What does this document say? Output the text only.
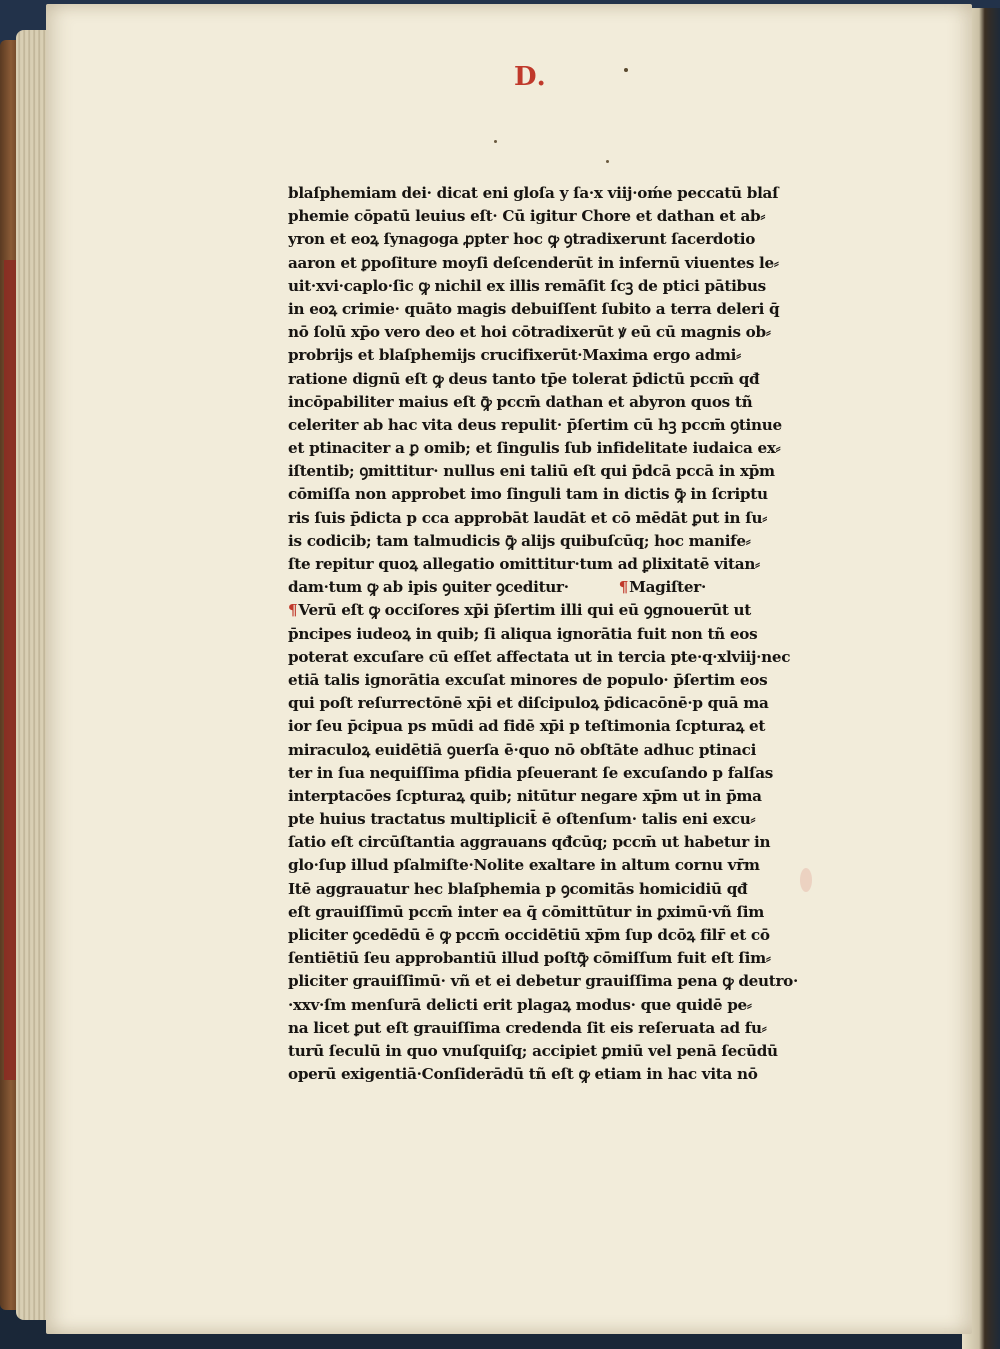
D.
blaſphemiam dei· dicat eni gloſa y ſa·x viij·oḿe peccatū blaſ
phemie cōpatū leuius eſt· Cū igitur Chore et dathan et ab⸗
yron et eoꝝ ſynagoga ꝓpter hoc ꝙ ꝯtradixerunt ſacerdotio
aaron et ꝑpoſiture moyſi deſcenderūt in infernū viuentes le⸗
uit·xvi·caplo·ſic ꝙ nichil ex illis remāſit ſcꝫ de ptici pātibus
in eoꝝ crimie· quāto magis debuiſſent ſubito a terra deleri q̄
nō ſolū xp̄o vero deo et hoi cōtradixerūt ꝟ eū cū magnis ob⸗
probrijs et blaſphemijs crucifixerūt·Maxima ergo admi⸗
ratione dignū eſt ꝙ deus tanto tp̄e tolerat p̄dictū pccm̄ qđ
incōpabiliter maius eſt ꝙ̄ pccm̄ dathan et abyron quos tñ
celeriter ab hac vita deus repulit· p̄ſertim cū hꝫ pccm̄ ꝯtinue
et ptinaciter a ꝑ omib; et ſingulis ſub infidelitate iudaica ex⸗
iſtentib; ꝯmittitur· nullus eni taliū eſt qui p̄dcā pccā in xp̄m
cōmiſſa non approbet imo ſinguli tam in dictis ꝙ̄ in ſcriptu
ris ſuis p̄dicta p cca approbāt laudāt et cō mēdāt ꝑut in ſu⸗
is codicib; tam talmudicis ꝙ̄ alijs quibuſcūq; hoc manife⸗
ſte repitur quoꝝ allegatio omittitur·tum ad ꝑlixitatē vitan⸗
dam·tum ꝙ ab ipis ꝯuiter ꝯceditur·	¶Magiſter·
¶Verū eſt ꝙ occiſores xp̄i p̄ſertim illi qui eū ꝯgnouerūt ut
p̄ncipes iudeoꝝ in quib; ſi aliqua ignorātia fuit non tñ eos
poterat excuſare cū eſſet affectata ut in tercia pte·q·xlviij·nec
etiā talis ignorātia excuſat minores de populo· p̄ſertim eos
qui poſt reſurrectōnē xp̄i et diſcipuloꝝ p̄dicacōnē·p quā ma
ior ſeu p̄cipua ps mūdi ad fidē xp̄i p teſtimonia ſcpturaꝝ et
miraculoꝝ euidētiā ꝯuerſa ē·quo nō obſtāte adhuc ptinaci
ter in ſua nequiſſima pfidia pſeuerant ſe excuſando p falſas
interptacōes ſcpturaꝝ quib; nitūtur negare xp̄m ut in p̄ma
pte huius tractatus multiplicit̄ ē oſtenſum· talis eni excu⸗
ſatio eſt circūſtantia aggrauans qđcūq; pccm̄ ut habetur in
glo·ſup illud pſalmiſte·Nolite exaltare in altum cornu vr̄m
Itē aggrauatur hec blaſphemia p ꝯcomitās homicidiū qđ
eſt grauiſſimū pccm̄ inter ea q̄ cōmittūtur in ꝑximū·vñ ſim
pliciter ꝯcedēdū ē ꝙ pccm̄ occidētiū xp̄m ſup dcōꝝ filr̄ et cō
ſentiētiū ſeu approbantiū illud poſtꝙ̄ cōmiſſum fuit eſt ſim⸗
pliciter grauiſſimū· vñ et ei debetur grauiſſima pena ꝙ deutro·
·xxv·ſm menſurā delicti erit plagaꝝ modus· que quidē pe⸗
na licet ꝑut eſt grauiſſima credenda ſit eis reſeruata ad fu⸗
turū ſeculū in quo vnuſquiſq; accipiet ꝑmiū vel penā ſecūdū
operū exigentiā·Conſiderādū tñ eſt ꝙ etiam in hac vita nō
